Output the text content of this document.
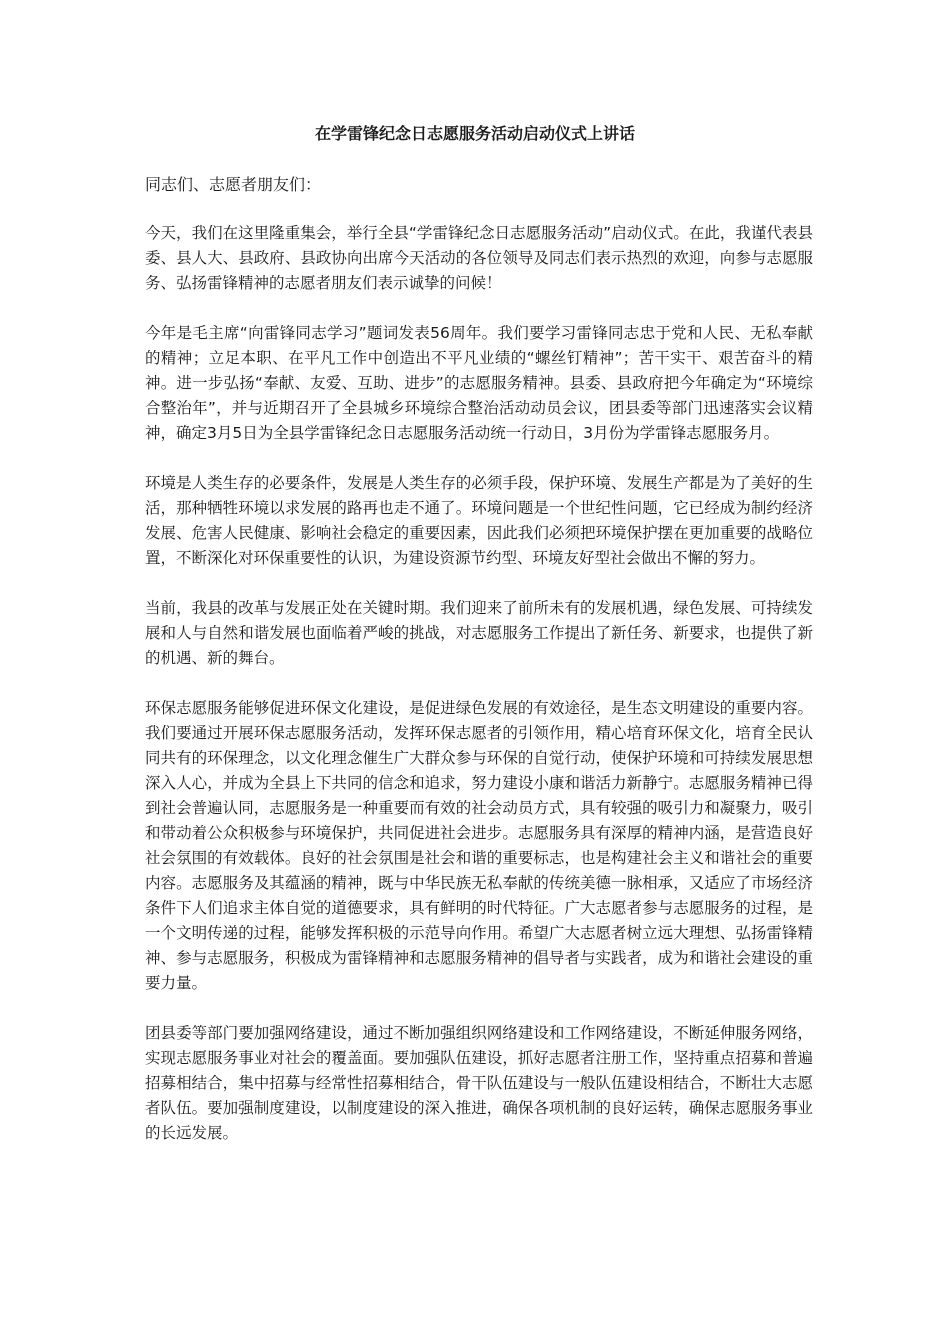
在学雷锋纪念日志愿服务活动启动仪式上讲话

同志们、志愿者朋友们：

今天，我们在这里隆重集会，举行全县“学雷锋纪念日志愿服务活动”启动仪式。在此，我谨代表县委、县人大、县政府、县政协向出席今天活动的各位领导及同志们表示热烈的欢迎，向参与志愿服务、弘扬雷锋精神的志愿者朋友们表示诚挚的问候！

今年是毛主席“向雷锋同志学习”题词发表56周年。我们要学习雷锋同志忠于党和人民、无私奉献的精神；立足本职、在平凡工作中创造出不平凡业绩的“螺丝钉精神”；苦干实干、艰苦奋斗的精神。进一步弘扬“奉献、友爱、互助、进步”的志愿服务精神。县委、县政府把今年确定为“环境综合整治年”，并与近期召开了全县城乡环境综合整治活动动员会议，团县委等部门迅速落实会议精神，确定3月5日为全县学雷锋纪念日志愿服务活动统一行动日，3月份为学雷锋志愿服务月。

环境是人类生存的必要条件，发展是人类生存的必须手段，保护环境、发展生产都是为了美好的生活，那种牺牲环境以求发展的路再也走不通了。环境问题是一个世纪性问题，它已经成为制约经济发展、危害人民健康、影响社会稳定的重要因素，因此我们必须把环境保护摆在更加重要的战略位置，不断深化对环保重要性的认识，为建设资源节约型、环境友好型社会做出不懈的努力。

当前，我县的改革与发展正处在关键时期。我们迎来了前所未有的发展机遇，绿色发展、可持续发展和人与自然和谐发展也面临着严峻的挑战，对志愿服务工作提出了新任务、新要求，也提供了新的机遇、新的舞台。

环保志愿服务能够促进环保文化建设，是促进绿色发展的有效途径，是生态文明建设的重要内容。我们要通过开展环保志愿服务活动，发挥环保志愿者的引领作用，精心培育环保文化，培育全民认同共有的环保理念，以文化理念催生广大群众参与环保的自觉行动，使保护环境和可持续发展思想深入人心，并成为全县上下共同的信念和追求，努力建设小康和谐活力新静宁。志愿服务精神已得到社会普遍认同，志愿服务是一种重要而有效的社会动员方式，具有较强的吸引力和凝聚力，吸引和带动着公众积极参与环境保护，共同促进社会进步。志愿服务具有深厚的精神内涵，是营造良好社会氛围的有效载体。良好的社会氛围是社会和谐的重要标志，也是构建社会主义和谐社会的重要内容。志愿服务及其蕴涵的精神，既与中华民族无私奉献的传统美德一脉相承，又适应了市场经济条件下人们追求主体自觉的道德要求，具有鲜明的时代特征。广大志愿者参与志愿服务的过程，是一个文明传递的过程，能够发挥积极的示范导向作用。希望广大志愿者树立远大理想、弘扬雷锋精神、参与志愿服务，积极成为雷锋精神和志愿服务精神的倡导者与实践者，成为和谐社会建设的重要力量。

团县委等部门要加强网络建设，通过不断加强组织网络建设和工作网络建设，不断延伸服务网络，实现志愿服务事业对社会的覆盖面。要加强队伍建设，抓好志愿者注册工作，坚持重点招募和普遍招募相结合，集中招募与经常性招募相结合，骨干队伍建设与一般队伍建设相结合，不断壮大志愿者队伍。要加强制度建设，以制度建设的深入推进，确保各项机制的良好运转，确保志愿服务事业的长远发展。
